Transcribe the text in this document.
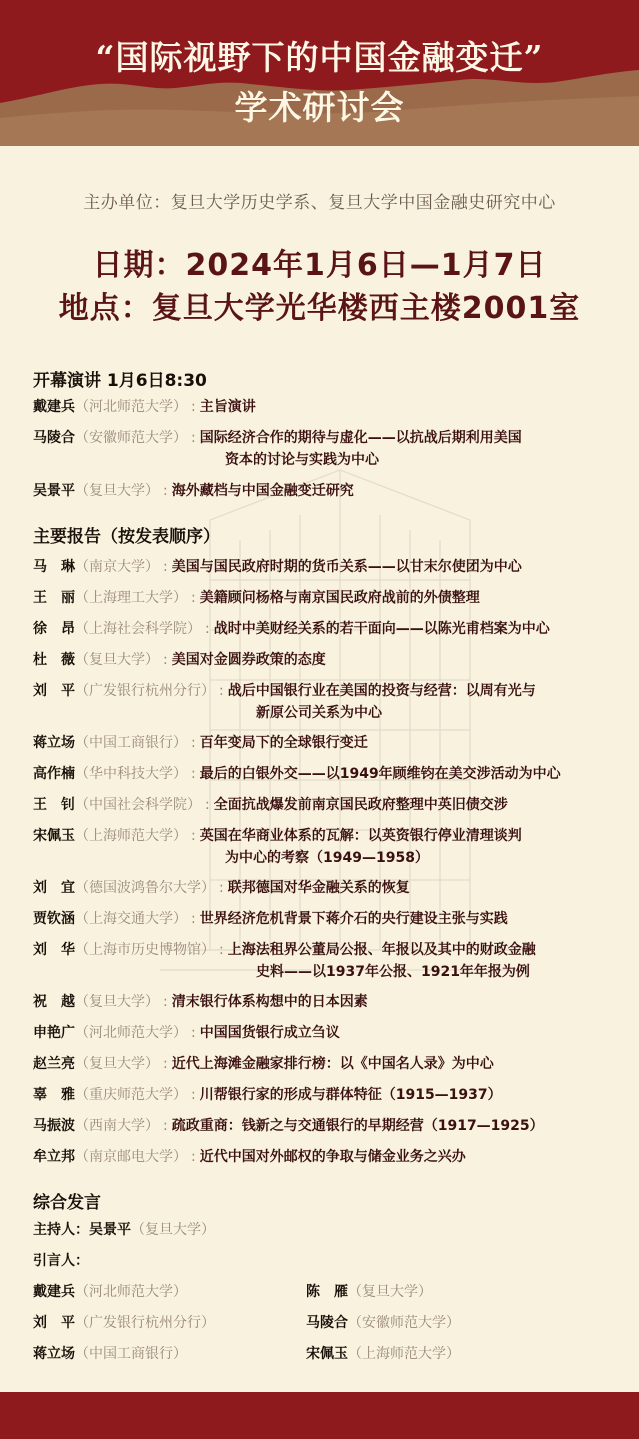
“国际视野下的中国金融变迁”
学术研讨会
主办单位：复旦大学历史学系、复旦大学中国金融史研究中心
日期：2024年1月6日—1月7日
地点：复旦大学光华楼西主楼2001室
开幕演讲 1月6日8:30
戴建兵（河北师范大学） : 主旨演讲
马陵合（安徽师范大学） : 国际经济合作的期待与虚化——以抗战后期利用美国
资本的讨论与实践为中心
吴景平（复旦大学） : 海外藏档与中国金融变迁研究
主要报告（按发表顺序）
马　琳（南京大学） : 美国与国民政府时期的货币关系——以甘末尔使团为中心
王　丽（上海理工大学） : 美籍顾问杨格与南京国民政府战前的外债整理
徐　昂（上海社会科学院） : 战时中美财经关系的若干面向——以陈光甫档案为中心
杜　薇（复旦大学） : 美国对金圆券政策的态度
刘　平（广发银行杭州分行） : 战后中国银行业在美国的投资与经营：以周有光与
新原公司关系为中心
蒋立场（中国工商银行） : 百年变局下的全球银行变迁
高作楠（华中科技大学） : 最后的白银外交——以1949年顾维钧在美交涉活动为中心
王　钊（中国社会科学院） : 全面抗战爆发前南京国民政府整理中英旧债交涉
宋佩玉（上海师范大学） : 英国在华商业体系的瓦解：以英资银行停业清理谈判
为中心的考察（1949—1958）
刘　宜（德国波鸿鲁尔大学） : 联邦德国对华金融关系的恢复
贾钦涵（上海交通大学） : 世界经济危机背景下蒋介石的央行建设主张与实践
刘　华（上海市历史博物馆） : 上海法租界公董局公报、年报以及其中的财政金融
史料——以1937年公报、1921年年报为例
祝　越（复旦大学） : 清末银行体系构想中的日本因素
申艳广（河北师范大学） : 中国国货银行成立刍议
赵兰亮（复旦大学） : 近代上海滩金融家排行榜：以《中国名人录》为中心
辜　雅（重庆师范大学） : 川帮银行家的形成与群体特征（1915—1937）
马振波（西南大学） : 疏政重商：钱新之与交通银行的早期经营（1917—1925）
牟立邦（南京邮电大学） : 近代中国对外邮权的争取与储金业务之兴办
综合发言
主持人：吴景平（复旦大学）
引言人：
戴建兵（河北师范大学）
刘　平（广发银行杭州分行）
蒋立场（中国工商银行）
陈　雁（复旦大学）
马陵合（安徽师范大学）
宋佩玉（上海师范大学）
